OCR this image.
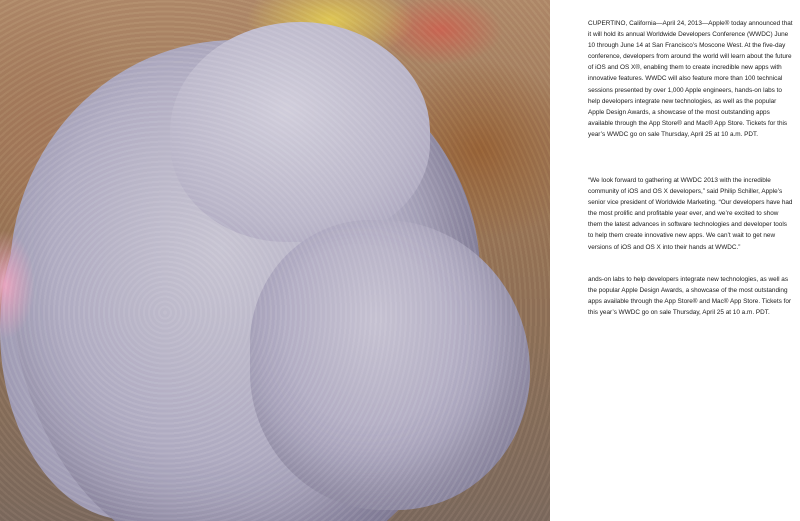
CUPERTINO, California—April 24, 2013—Apple® today announced that it will hold its annual Worldwide Developers Conference (WWDC) June 10 through June 14 at San Francisco’s Moscone West. At the five-day conference, developers from around the world will learn about the future of iOS and OS X®, enabling them to create incredible new apps with innovative features. WWDC will also feature more than 100 technical sessions presented by over 1,000 Apple engineers, hands-on labs to help developers integrate new technologies, as well as the popular Apple Design Awards, a showcase of the most outstanding apps available through the App Store® and Mac® App Store. Tickets for this year’s WWDC go on sale Thursday, April 25 at 10 a.m. PDT.

“We look forward to gathering at WWDC 2013 with the incredible community of iOS and OS X developers,” said Philip Schiller, Apple’s senior vice president of Worldwide Marketing. “Our developers have had the most prolific and profitable year ever, and we’re excited to show them the latest advances in software technologies and developer tools to help them create innovative new apps. We can’t wait to get new versions of iOS and OS X into their hands at WWDC.”

ands-on labs to help developers integrate new technologies, as well as the popular Apple Design Awards, a showcase of the most outstanding apps available through the App Store® and Mac® App Store. Tickets for this year’s WWDC go on sale Thursday, April 25 at 10 a.m. PDT.
